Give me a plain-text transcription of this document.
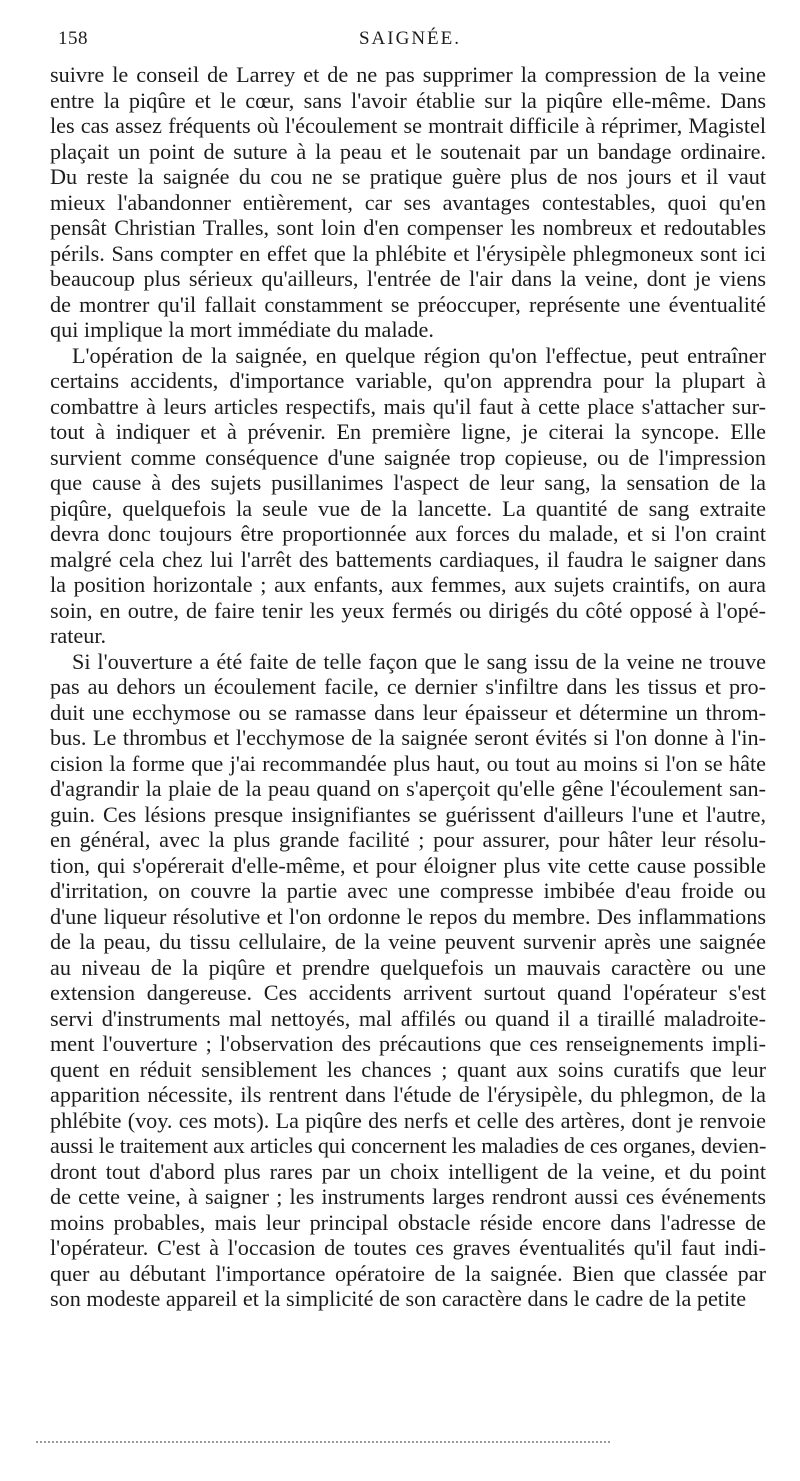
158	SAIGNÉE.

suivre le conseil de Larrey et de ne pas supprimer la compression de la veine
entre la piqûre et le cœur, sans l'avoir établie sur la piqûre elle-même. Dans
les cas assez fréquents où l'écoulement se montrait difficile à réprimer, Magistel
plaçait un point de suture à la peau et le soutenait par un bandage ordinaire.
Du reste la saignée du cou ne se pratique guère plus de nos jours et il vaut
mieux l'abandonner entièrement, car ses avantages contestables, quoi qu'en
pensât Christian Tralles, sont loin d'en compenser les nombreux et redoutables
périls. Sans compter en effet que la phlébite et l'érysipèle phlegmoneux sont ici
beaucoup plus sérieux qu'ailleurs, l'entrée de l'air dans la veine, dont je viens
de montrer qu'il fallait constamment se préoccuper, représente une éventualité
qui implique la mort immédiate du malade.

L'opération de la saignée, en quelque région qu'on l'effectue, peut entraîner
certains accidents, d'importance variable, qu'on apprendra pour la plupart à
combattre à leurs articles respectifs, mais qu'il faut à cette place s'attacher sur-
tout à indiquer et à prévenir. En première ligne, je citerai la syncope. Elle
survient comme conséquence d'une saignée trop copieuse, ou de l'impression
que cause à des sujets pusillanimes l'aspect de leur sang, la sensation de la
piqûre, quelquefois la seule vue de la lancette. La quantité de sang extraite
devra donc toujours être proportionnée aux forces du malade, et si l'on craint
malgré cela chez lui l'arrêt des battements cardiaques, il faudra le saigner dans
la position horizontale ; aux enfants, aux femmes, aux sujets craintifs, on aura
soin, en outre, de faire tenir les yeux fermés ou dirigés du côté opposé à l'opé-
rateur.

Si l'ouverture a été faite de telle façon que le sang issu de la veine ne trouve
pas au dehors un écoulement facile, ce dernier s'infiltre dans les tissus et pro-
duit une ecchymose ou se ramasse dans leur épaisseur et détermine un throm-
bus. Le thrombus et l'ecchymose de la saignée seront évités si l'on donne à l'in-
cision la forme que j'ai recommandée plus haut, ou tout au moins si l'on se hâte
d'agrandir la plaie de la peau quand on s'aperçoit qu'elle gêne l'écoulement san-
guin. Ces lésions presque insignifiantes se guérissent d'ailleurs l'une et l'autre,
en général, avec la plus grande facilité ; pour assurer, pour hâter leur résolu-
tion, qui s'opérerait d'elle-même, et pour éloigner plus vite cette cause possible
d'irritation, on couvre la partie avec une compresse imbibée d'eau froide ou
d'une liqueur résolutive et l'on ordonne le repos du membre. Des inflammations
de la peau, du tissu cellulaire, de la veine peuvent survenir après une saignée
au niveau de la piqûre et prendre quelquefois un mauvais caractère ou une
extension dangereuse. Ces accidents arrivent surtout quand l'opérateur s'est
servi d'instruments mal nettoyés, mal affilés ou quand il a tiraillé maladroite-
ment l'ouverture ; l'observation des précautions que ces renseignements impli-
quent en réduit sensiblement les chances ; quant aux soins curatifs que leur
apparition nécessite, ils rentrent dans l'étude de l'érysipèle, du phlegmon, de la
phlébite (voy. ces mots). La piqûre des nerfs et celle des artères, dont je renvoie
aussi le traitement aux articles qui concernent les maladies de ces organes, devien-
dront tout d'abord plus rares par un choix intelligent de la veine, et du point
de cette veine, à saigner ; les instruments larges rendront aussi ces événements
moins probables, mais leur principal obstacle réside encore dans l'adresse de
l'opérateur. C'est à l'occasion de toutes ces graves éventualités qu'il faut indi-
quer au débutant l'importance opératoire de la saignée. Bien que classée par
son modeste appareil et la simplicité de son caractère dans le cadre de la petite
